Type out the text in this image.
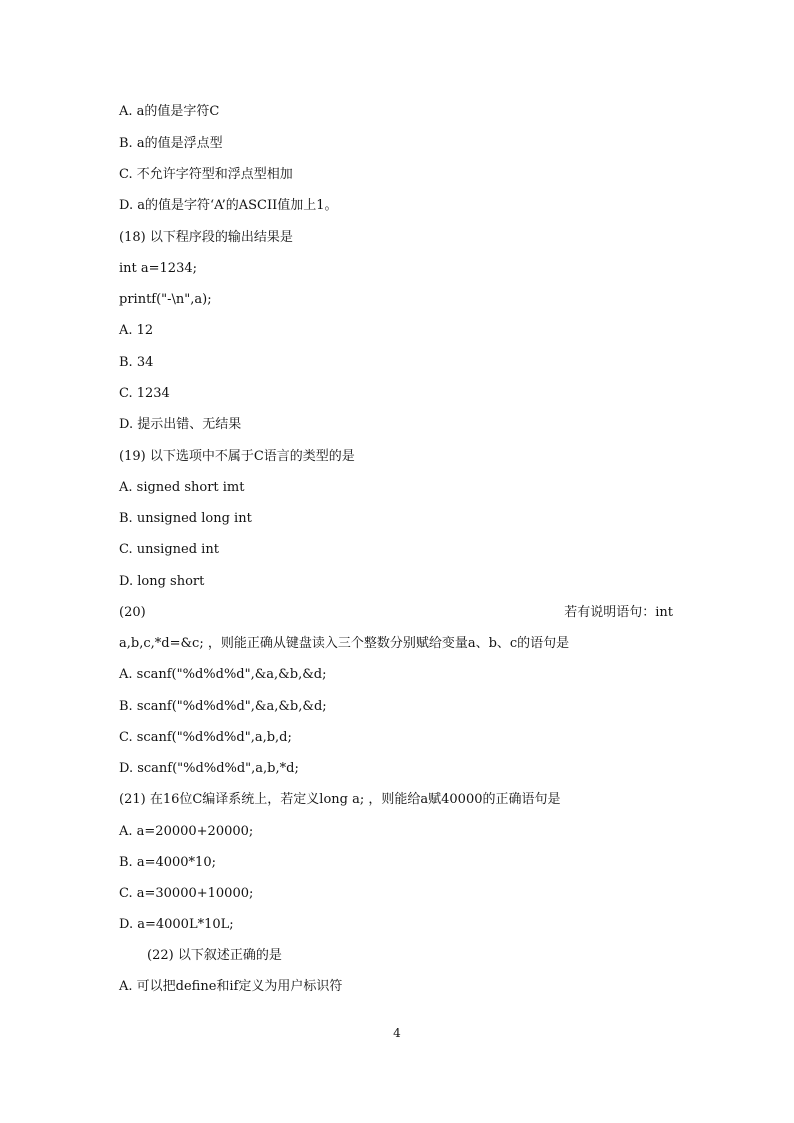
A. a的值是字符C
B. a的值是浮点型
C. 不允许字符型和浮点型相加
D. a的值是字符‘A’的ASCII值加上1。
(18) 以下程序段的输出结果是
int a=1234;
printf("-\n",a);
A. 12
B. 34
C. 1234
D. 提示出错、无结果
(19) 以下选项中不属于C语言的类型的是
A. signed short imt
B. unsigned long int
C. unsigned int
D. long short
(20)	若有说明语句：int
a,b,c,*d=&c; ，则能正确从键盘读入三个整数分别赋给变量a、b、c的语句是
A. scanf("%d%d%d",&a,&b,&d;
B. scanf("%d%d%d",&a,&b,&d;
C. scanf("%d%d%d",a,b,d;
D. scanf("%d%d%d",a,b,*d;
(21) 在16位C编译系统上，若定义long a; ，则能给a赋40000的正确语句是
A. a=20000+20000;
B. a=4000*10;
C. a=30000+10000;
D. a=4000L*10L;
(22) 以下叙述正确的是
A. 可以把define和if定义为用户标识符
4
